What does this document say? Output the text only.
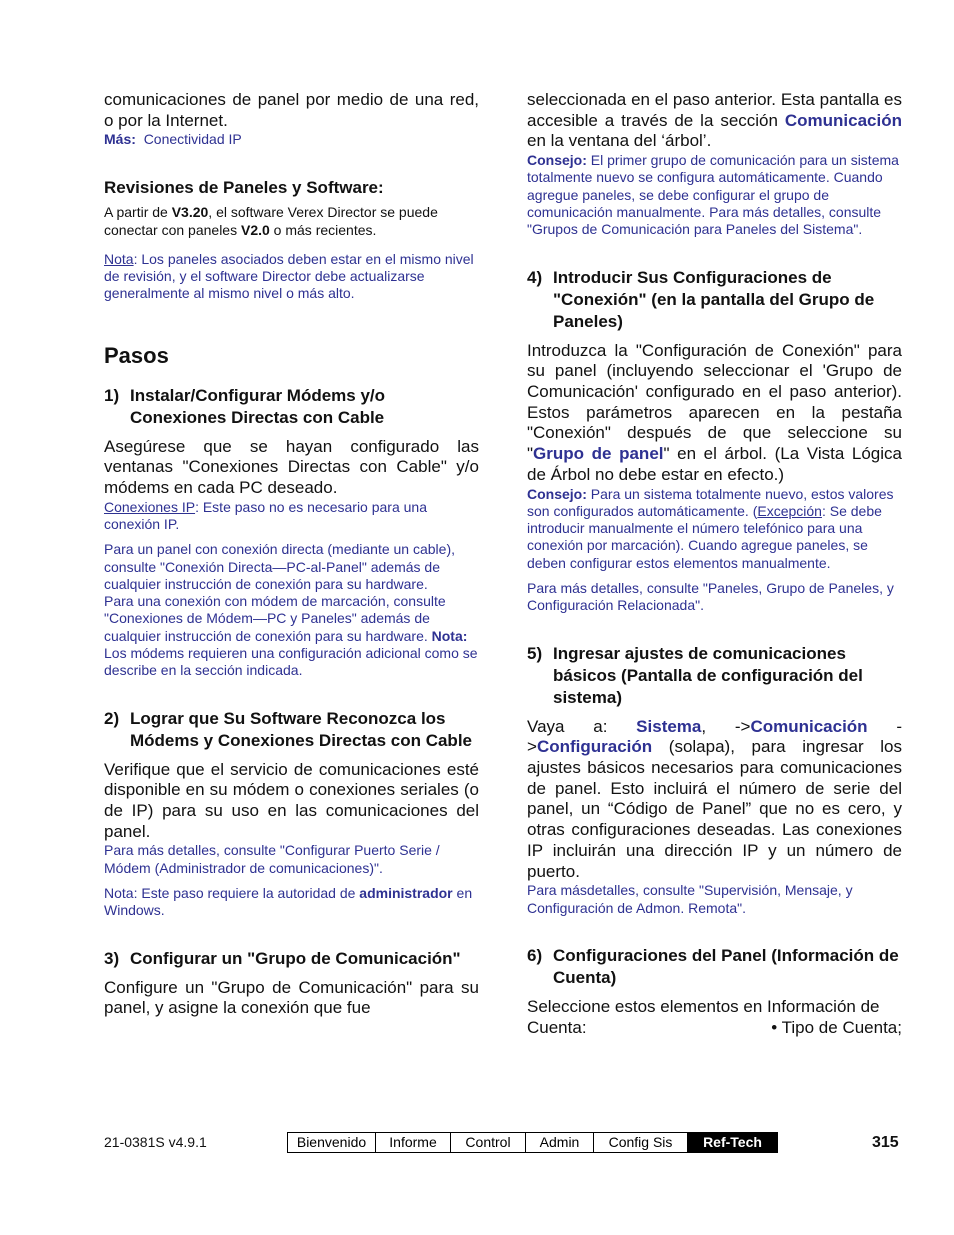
comunicaciones de panel por medio de una red, o por la Internet.

Más: Conectividad IP

Revisiones de Paneles y Software:

A partir de V3.20, el software Verex Director se puede conectar con paneles V2.0 o más recientes.

Nota: Los paneles asociados deben estar en el mismo nivel de revisión, y el software Director debe actualizarse generalmente al mismo nivel o más alto.

Pasos
1) Instalar/Configurar Módems y/o Conexiones Directas con Cable

Asegúrese que se hayan configurado las ventanas "Conexiones Directas con Cable" y/o módems en cada PC deseado.

Conexiones IP: Este paso no es necesario para una conexión IP.

Para un panel con conexión directa (mediante un cable), consulte "Conexión Directa—PC-al-Panel" además de cualquier instrucción de conexión para su hardware.

Para una conexión con módem de marcación, consulte "Conexiones de Módem—PC y Paneles" además de cualquier instrucción de conexión para su hardware. Nota: Los módems requieren una configuración adicional como se describe en la sección indicada.

2) Lograr que Su Software Reconozca los Módems y Conexiones Directas con Cable

Verifique que el servicio de comunicaciones esté disponible en su módem o conexiones seriales (o de IP) para su uso en las comunicaciones del panel.

Para más detalles, consulte "Configurar Puerto Serie / Módem (Administrador de comunicaciones)".

Nota: Este paso requiere la autoridad de administrador en Windows.

3) Configurar un "Grupo de Comunicación"

Configure un "Grupo de Comunicación" para su panel, y asigne la conexión que fue

seleccionada en el paso anterior. Esta pantalla es accesible a través de la sección Comunicación en la ventana del ‘árbol’.

Consejo: El primer grupo de comunicación para un sistema totalmente nuevo se configura automáticamente. Cuando agregue paneles, se debe configurar el grupo de comunicación manualmente. Para más detalles, consulte "Grupos de Comunicación para Paneles del Sistema".

4) Introducir Sus Configuraciones de "Conexión" (en la pantalla del Grupo de Paneles)

Introduzca la "Configuración de Conexión" para su panel (incluyendo seleccionar el 'Grupo de Comunicación' configurado en el paso anterior). Estos parámetros aparecen en la pestaña "Conexión" después de que seleccione su "Grupo de panel" en el árbol. (La Vista Lógica de Árbol no debe estar en efecto.)

Consejo: Para un sistema totalmente nuevo, estos valores son configurados automáticamente. (Excepción: Se debe introducir manualmente el número telefónico para una conexión por marcación). Cuando agregue paneles, se deben configurar estos elementos manualmente.

Para más detalles, consulte "Paneles, Grupo de Paneles, y Configuración Relacionada".

5) Ingresar ajustes de comunicaciones básicos (Pantalla de configuración del sistema)

Vaya a: Sistema, ->Comunicación ->Configuración (solapa), para ingresar los ajustes básicos necesarios para comunicaciones de panel. Esto incluirá el número de serie del panel, un “Código de Panel” que no es cero, y otras configuraciones deseadas. Las conexiones IP incluirán una dirección IP y un número de puerto.

Para másdetalles, consulte "Supervisión, Mensaje, y Configuración de Admon. Remota".

6) Configuraciones del Panel (Información de Cuenta)

Seleccione estos elementos en Información de Cuenta:	• Tipo de Cuenta;

21-0381S v4.9.1	Bienvenido	Informe	Control	Admin	Config Sis	Ref-Tech	315
